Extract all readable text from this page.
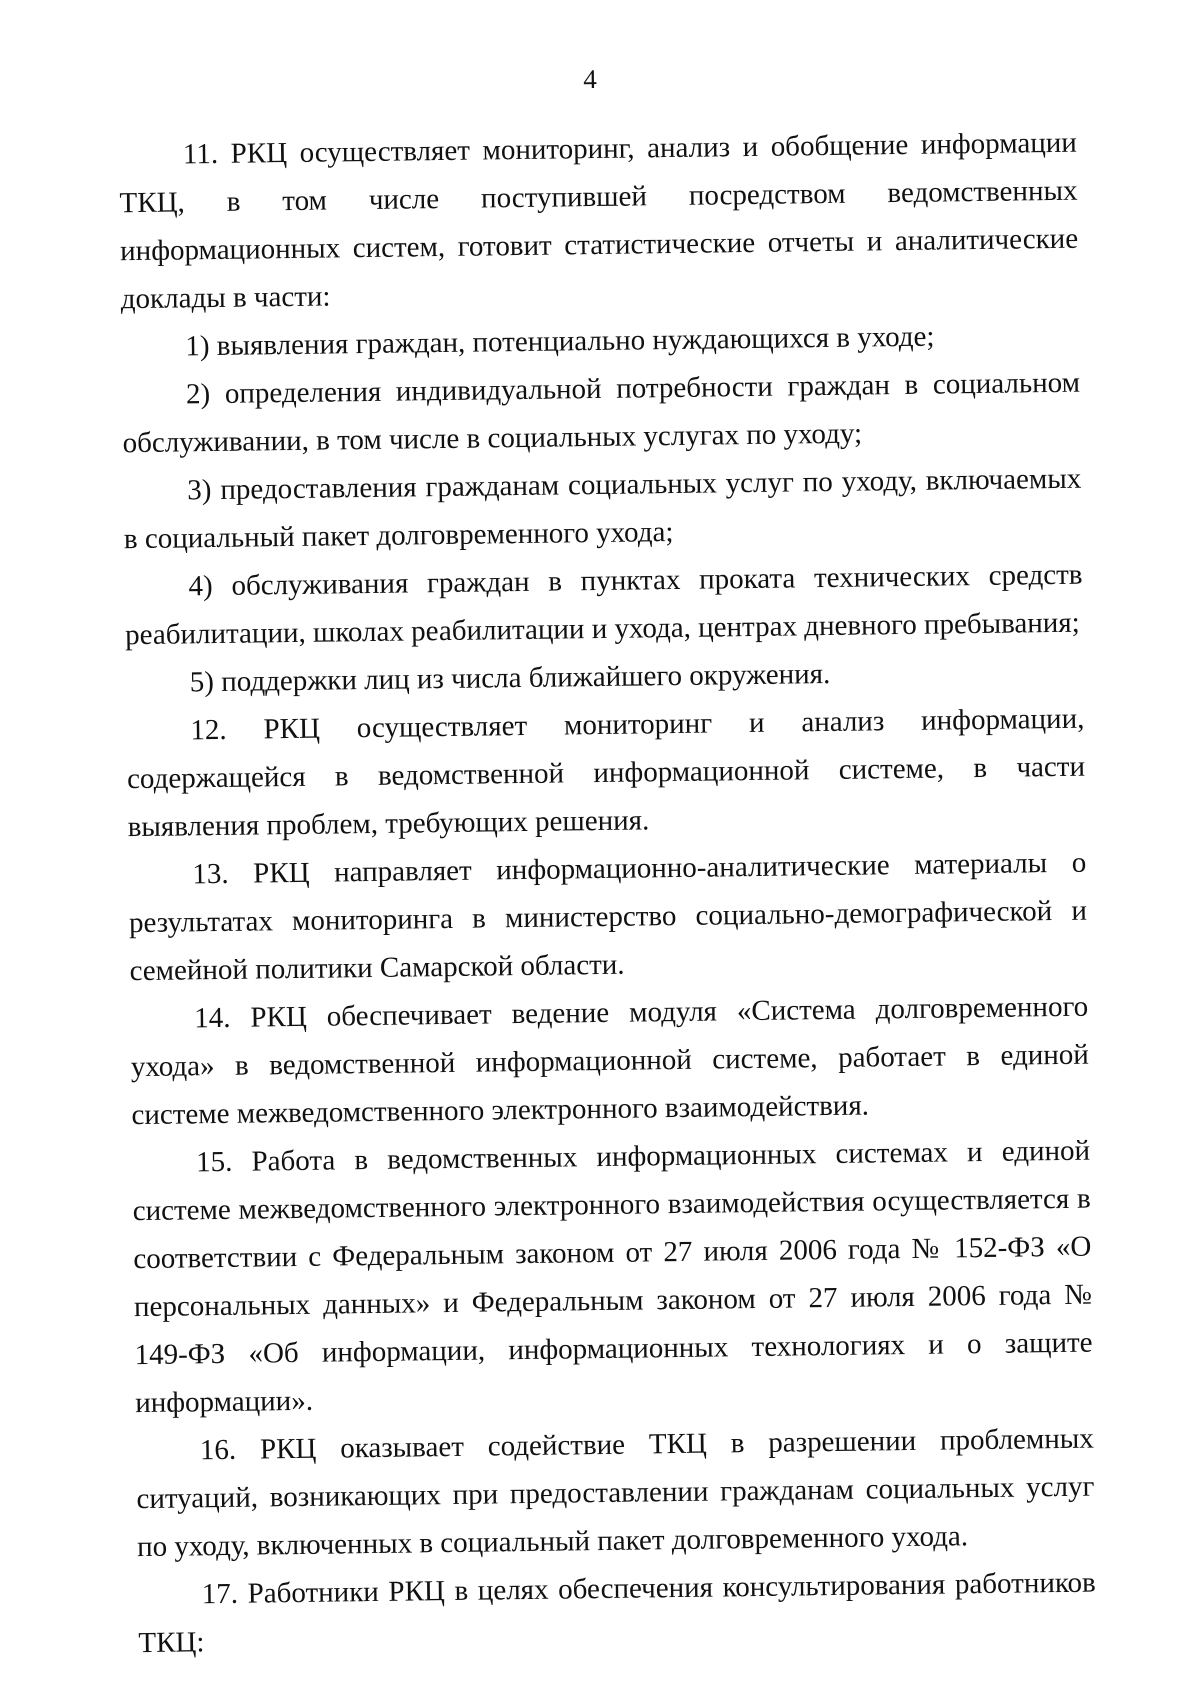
4

11. РКЦ осуществляет мониторинг, анализ и обобщение информации ТКЦ, в том числе поступившей посредством ведомственных информационных систем, готовит статистические отчеты и аналитические доклады в части:

1) выявления граждан, потенциально нуждающихся в уходе;

2) определения индивидуальной потребности граждан в социальном обслуживании, в том числе в социальных услугах по уходу;

3) предоставления гражданам социальных услуг по уходу, включаемых в социальный пакет долговременного ухода;

4) обслуживания граждан в пунктах проката технических средств реабилитации, школах реабилитации и ухода, центрах дневного пребывания;

5) поддержки лиц из числа ближайшего окружения.

12. РКЦ осуществляет мониторинг и анализ информации, содержащейся в ведомственной информационной системе, в части выявления проблем, требующих решения.

13. РКЦ направляет информационно-аналитические материалы о результатах мониторинга в министерство социально-демографической и семейной политики Самарской области.

14. РКЦ обеспечивает ведение модуля «Система долговременного ухода» в ведомственной информационной системе, работает в единой системе межведомственного электронного взаимодействия.

15. Работа в ведомственных информационных системах и единой системе межведомственного электронного взаимодействия осуществляется в соответствии с Федеральным законом от 27 июля 2006 года № 152-ФЗ «О персональных данных» и Федеральным законом от 27 июля 2006 года № 149-ФЗ «Об информации, информационных технологиях и о защите информации».

16. РКЦ оказывает содействие ТКЦ в разрешении проблемных ситуаций, возникающих при предоставлении гражданам социальных услуг по уходу, включенных в социальный пакет долговременного ухода.

17. Работники РКЦ в целях обеспечения консультирования работников ТКЦ:
